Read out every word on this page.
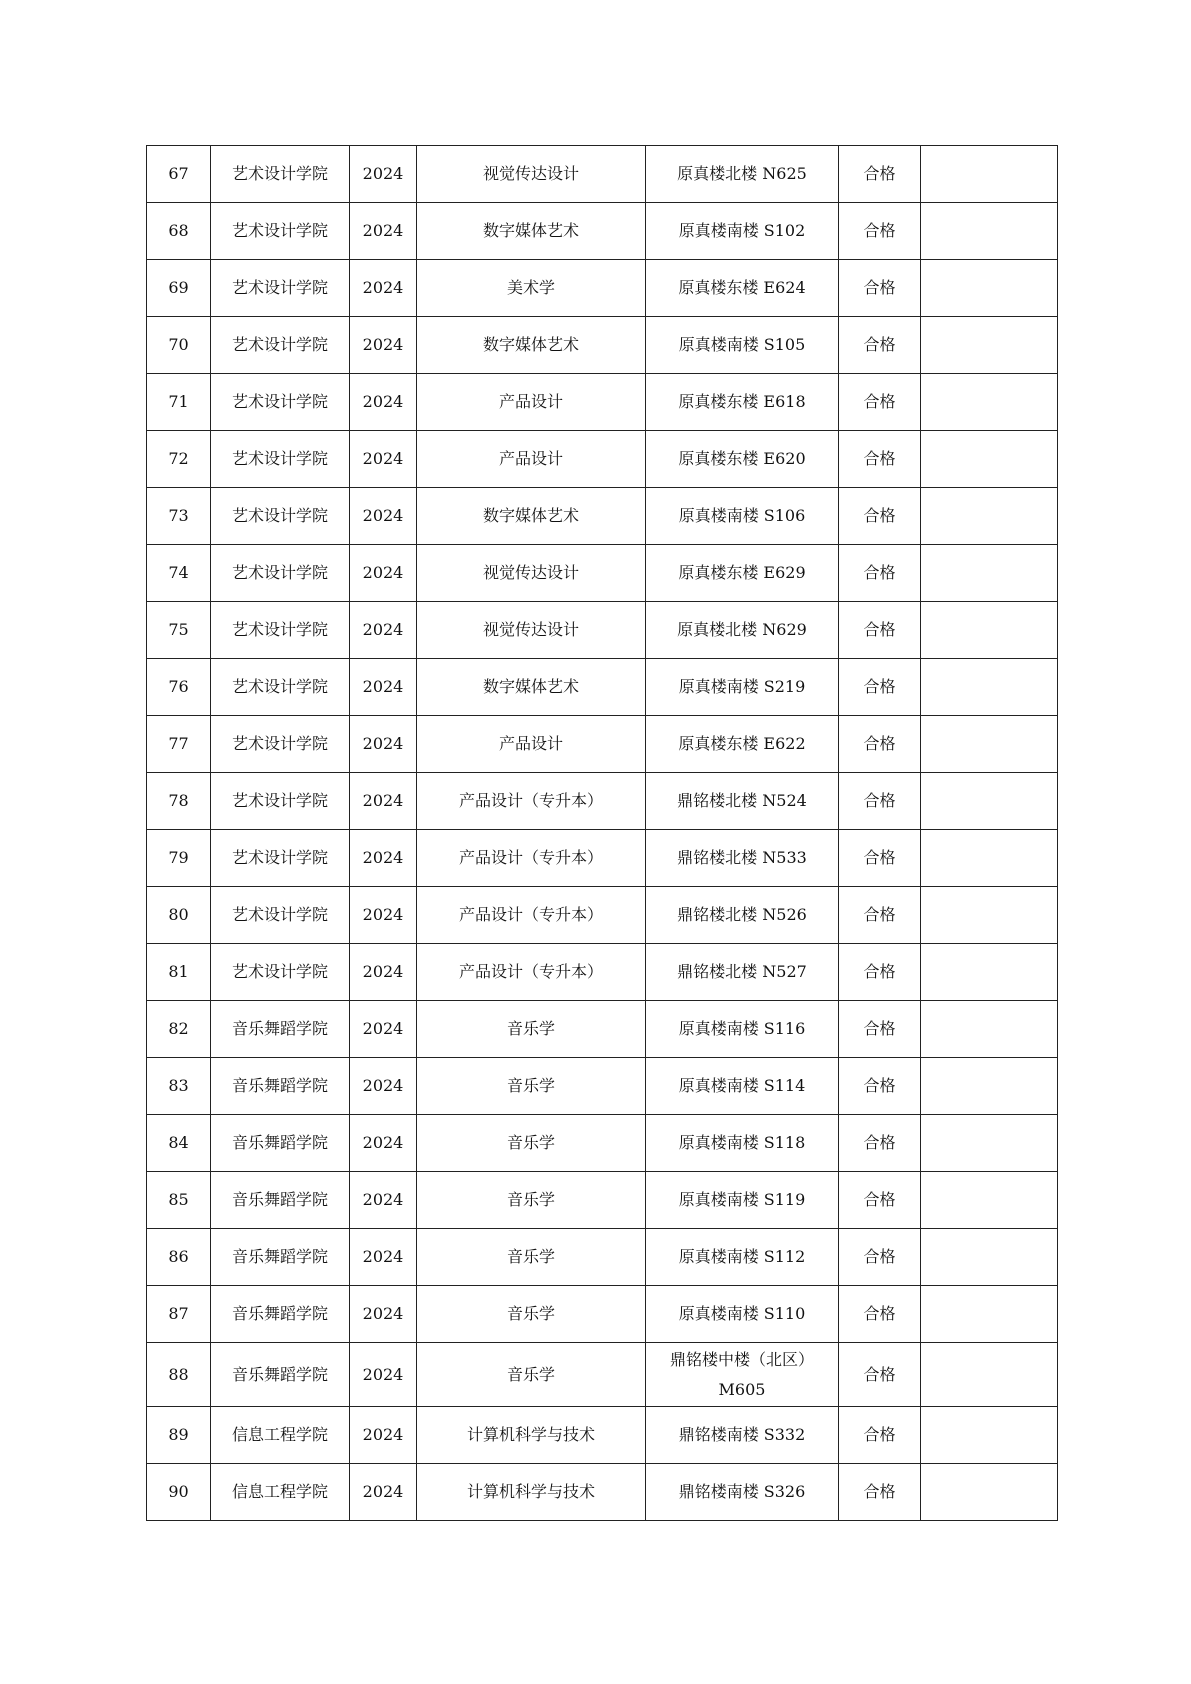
67	艺术设计学院	2024	视觉传达设计	原真楼北楼 N625	合格	
68	艺术设计学院	2024	数字媒体艺术	原真楼南楼 S102	合格	
69	艺术设计学院	2024	美术学	原真楼东楼 E624	合格	
70	艺术设计学院	2024	数字媒体艺术	原真楼南楼 S105	合格	
71	艺术设计学院	2024	产品设计	原真楼东楼 E618	合格	
72	艺术设计学院	2024	产品设计	原真楼东楼 E620	合格	
73	艺术设计学院	2024	数字媒体艺术	原真楼南楼 S106	合格	
74	艺术设计学院	2024	视觉传达设计	原真楼东楼 E629	合格	
75	艺术设计学院	2024	视觉传达设计	原真楼北楼 N629	合格	
76	艺术设计学院	2024	数字媒体艺术	原真楼南楼 S219	合格	
77	艺术设计学院	2024	产品设计	原真楼东楼 E622	合格	
78	艺术设计学院	2024	产品设计（专升本）	鼎铭楼北楼 N524	合格	
79	艺术设计学院	2024	产品设计（专升本）	鼎铭楼北楼 N533	合格	
80	艺术设计学院	2024	产品设计（专升本）	鼎铭楼北楼 N526	合格	
81	艺术设计学院	2024	产品设计（专升本）	鼎铭楼北楼 N527	合格	
82	音乐舞蹈学院	2024	音乐学	原真楼南楼 S116	合格	
83	音乐舞蹈学院	2024	音乐学	原真楼南楼 S114	合格	
84	音乐舞蹈学院	2024	音乐学	原真楼南楼 S118	合格	
85	音乐舞蹈学院	2024	音乐学	原真楼南楼 S119	合格	
86	音乐舞蹈学院	2024	音乐学	原真楼南楼 S112	合格	
87	音乐舞蹈学院	2024	音乐学	原真楼南楼 S110	合格	
88	音乐舞蹈学院	2024	音乐学	鼎铭楼中楼（北区）M605	合格	
89	信息工程学院	2024	计算机科学与技术	鼎铭楼南楼 S332	合格	
90	信息工程学院	2024	计算机科学与技术	鼎铭楼南楼 S326	合格	
